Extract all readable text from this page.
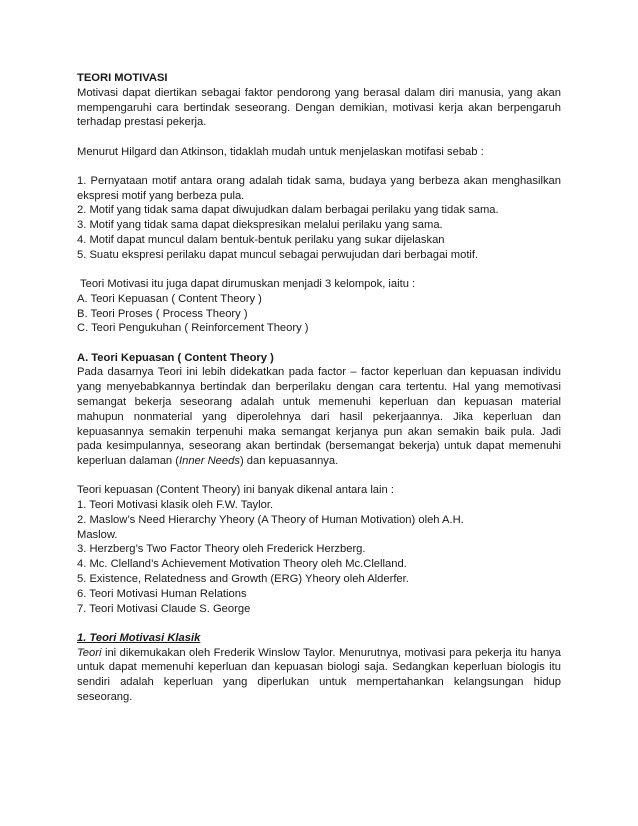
TEORI MOTIVASI
Motivasi dapat diertikan sebagai faktor pendorong yang berasal dalam diri manusia, yang akan mempengaruhi cara bertindak seseorang. Dengan demikian, motivasi kerja akan berpengaruh terhadap prestasi pekerja.
Menurut Hilgard dan Atkinson, tidaklah mudah untuk menjelaskan motifasi sebab :
1. Pernyataan motif antara orang adalah tidak sama, budaya yang berbeza akan menghasilkan ekspresi motif yang berbeza pula.
2. Motif yang tidak sama dapat diwujudkan dalam berbagai perilaku yang tidak sama.
3. Motif yang tidak sama dapat diekspresikan melalui perilaku yang sama.
4. Motif dapat muncul dalam bentuk-bentuk perilaku yang sukar dijelaskan
5. Suatu ekspresi perilaku dapat muncul sebagai perwujudan dari berbagai motif.
Teori Motivasi itu juga dapat dirumuskan menjadi 3 kelompok, iaitu :
A. Teori Kepuasan ( Content Theory )
B. Teori Proses ( Process Theory )
C. Teori Pengukuhan ( Reinforcement Theory )
A. Teori Kepuasan ( Content Theory )
Pada dasarnya Teori ini lebih didekatkan pada factor – factor keperluan dan kepuasan individu yang menyebabkannya bertindak dan berperilaku dengan cara tertentu. Hal yang memotivasi semangat bekerja seseorang adalah untuk memenuhi keperluan dan kepuasan material mahupun nonmaterial yang diperolehnya dari hasil pekerjaannya. Jika keperluan dan kepuasannya semakin terpenuhi maka semangat kerjanya pun akan semakin baik pula. Jadi pada kesimpulannya, seseorang akan bertindak (bersemangat bekerja) untuk dapat memenuhi keperluan dalaman (Inner Needs) dan kepuasannya.
Teori kepuasan (Content Theory) ini banyak dikenal antara lain :
1. Teori Motivasi klasik oleh F.W. Taylor.
2. Maslow’s Need Hierarchy Yheory (A Theory of Human Motivation) oleh A.H.
Maslow.
3. Herzberg’s Two Factor Theory oleh Frederick Herzberg.
4. Mc. Clelland’s Achievement Motivation Theory oleh Mc.Clelland.
5. Existence, Relatedness and Growth (ERG) Yheory oleh Alderfer.
6. Teori Motivasi Human Relations
7. Teori Motivasi Claude S. George
1. Teori Motivasi Klasik
Teori ini dikemukakan oleh Frederik Winslow Taylor. Menurutnya, motivasi para pekerja itu hanya untuk dapat memenuhi keperluan dan kepuasan biologi saja. Sedangkan keperluan biologis itu sendiri adalah keperluan yang diperlukan untuk mempertahankan kelangsungan hidup seseorang.
